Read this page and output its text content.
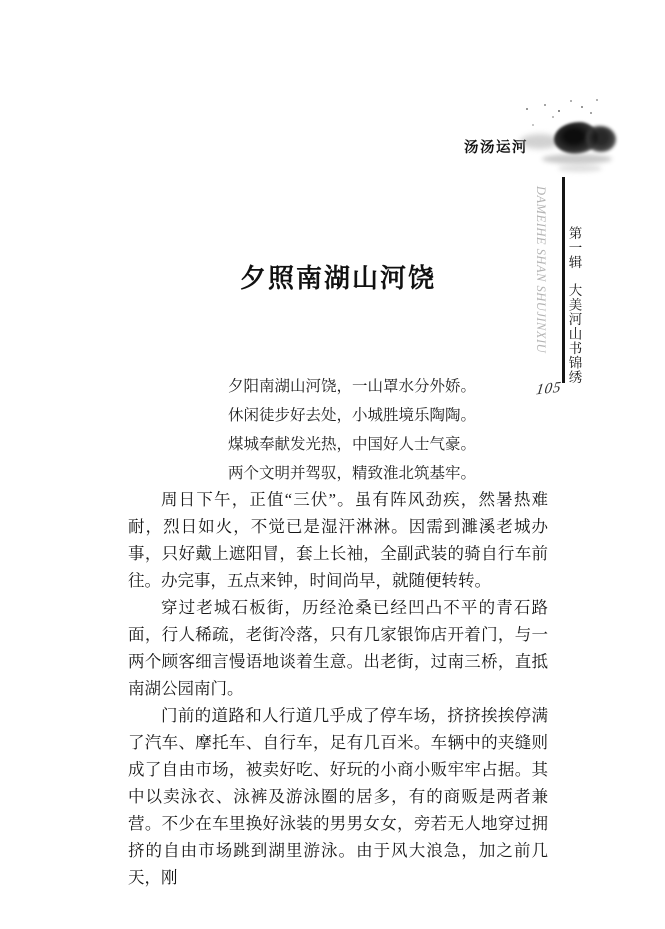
汤汤运河
DAMEIHE SHAN SHUJINXIU 第一辑大美河山书锦绣
105
夕照南湖山河饶
夕阳南湖山河饶，一山罩水分外娇。
休闲徒步好去处，小城胜境乐陶陶。
煤城奉献发光热，中国好人士气豪。
两个文明并驾驭，精致淮北筑基牢。

周日下午，正值“三伏”。虽有阵风劲疾，然暑热难耐，烈日如火，不觉已是湿汗淋淋。因需到濉溪老城办事，只好戴上遮阳冒，套上长袖，全副武装的骑自行车前往。办完事，五点来钟，时间尚早，就随便转转。

穿过老城石板街，历经沧桑已经凹凸不平的青石路面，行人稀疏，老街冷落，只有几家银饰店开着门，与一两个顾客细言慢语地谈着生意。出老街，过南三桥，直抵南湖公园南门。

门前的道路和人行道几乎成了停车场，挤挤挨挨停满了汽车、摩托车、自行车，足有几百米。车辆中的夹缝则成了自由市场，被卖好吃、好玩的小商小贩牢牢占据。其中以卖泳衣、泳裤及游泳圈的居多，有的商贩是两者兼营。不少在车里换好泳装的男男女女，旁若无人地穿过拥挤的自由市场跳到湖里游泳。由于风大浪急，加之前几天，刚
